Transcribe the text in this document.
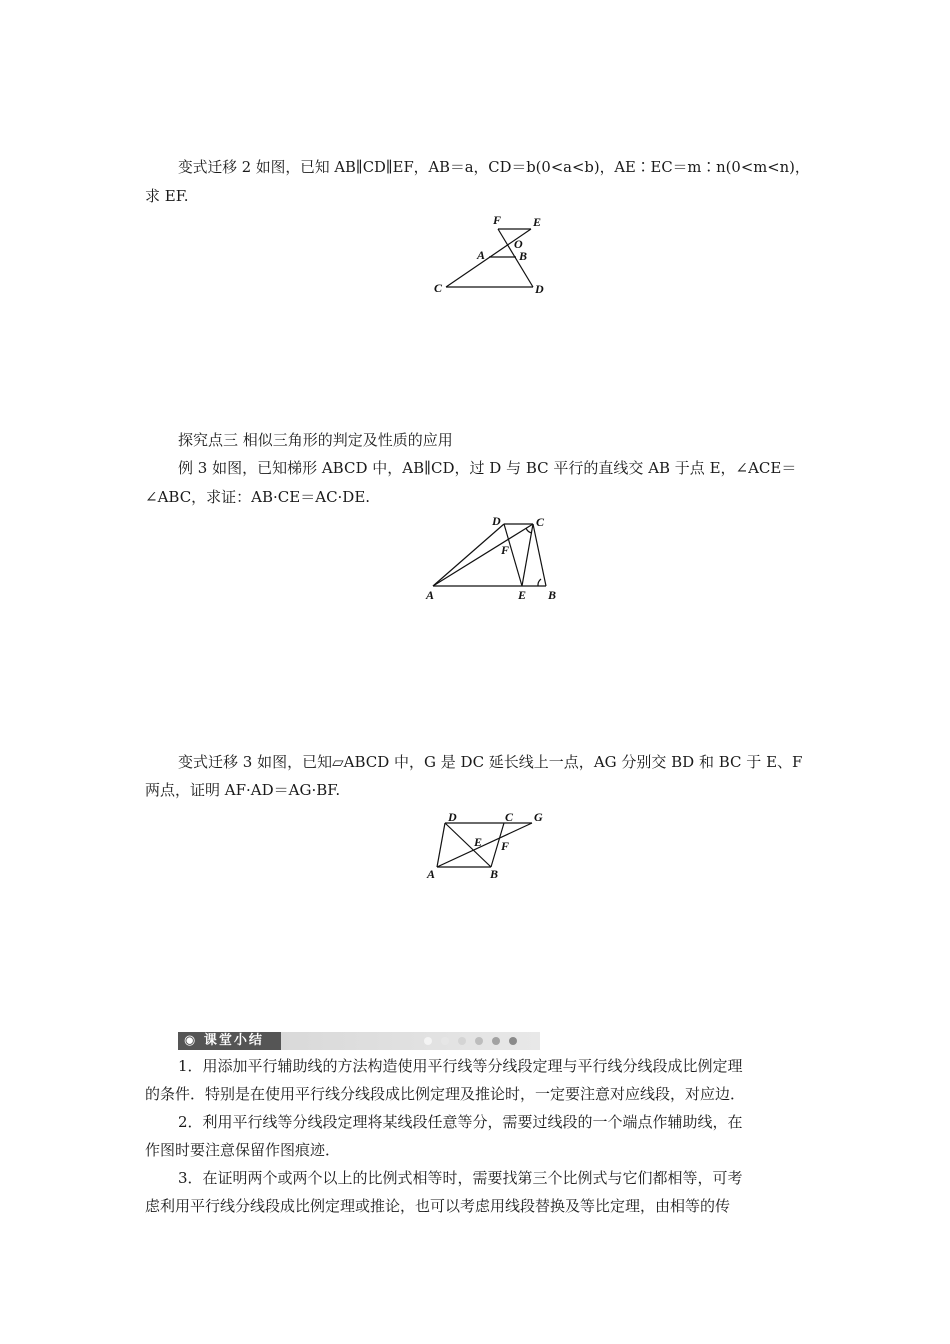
变式迁移 2 如图，已知 AB∥CD∥EF，AB＝a，CD＝b(0<a<b)，AE∶EC＝m∶n(0<m<n)，
求 EF.
F	E
O
A	B
C	D
探究点三 相似三角形的判定及性质的应用
例 3 如图，已知梯形 ABCD 中，AB∥CD，过 D 与 BC 平行的直线交 AB 于点 E，∠ACE＝
∠ABC，求证：AB·CE＝AC·DE.
D	C
F
A	E B
变式迁移 3 如图，已知▱ABCD 中，G 是 DC 延长线上一点，AG 分别交 BD 和 BC 于 E、F
两点，证明 AF·AD＝AG·BF.
D	C G
E F
A	B
◉ 课堂小结
1．用添加平行辅助线的方法构造使用平行线等分线段定理与平行线分线段成比例定理
的条件．特别是在使用平行线分线段成比例定理及推论时，一定要注意对应线段，对应边．
2．利用平行线等分线段定理将某线段任意等分，需要过线段的一个端点作辅助线，在
作图时要注意保留作图痕迹．
3．在证明两个或两个以上的比例式相等时，需要找第三个比例式与它们都相等，可考
虑利用平行线分线段成比例定理或推论，也可以考虑用线段替换及等比定理，由相等的传
